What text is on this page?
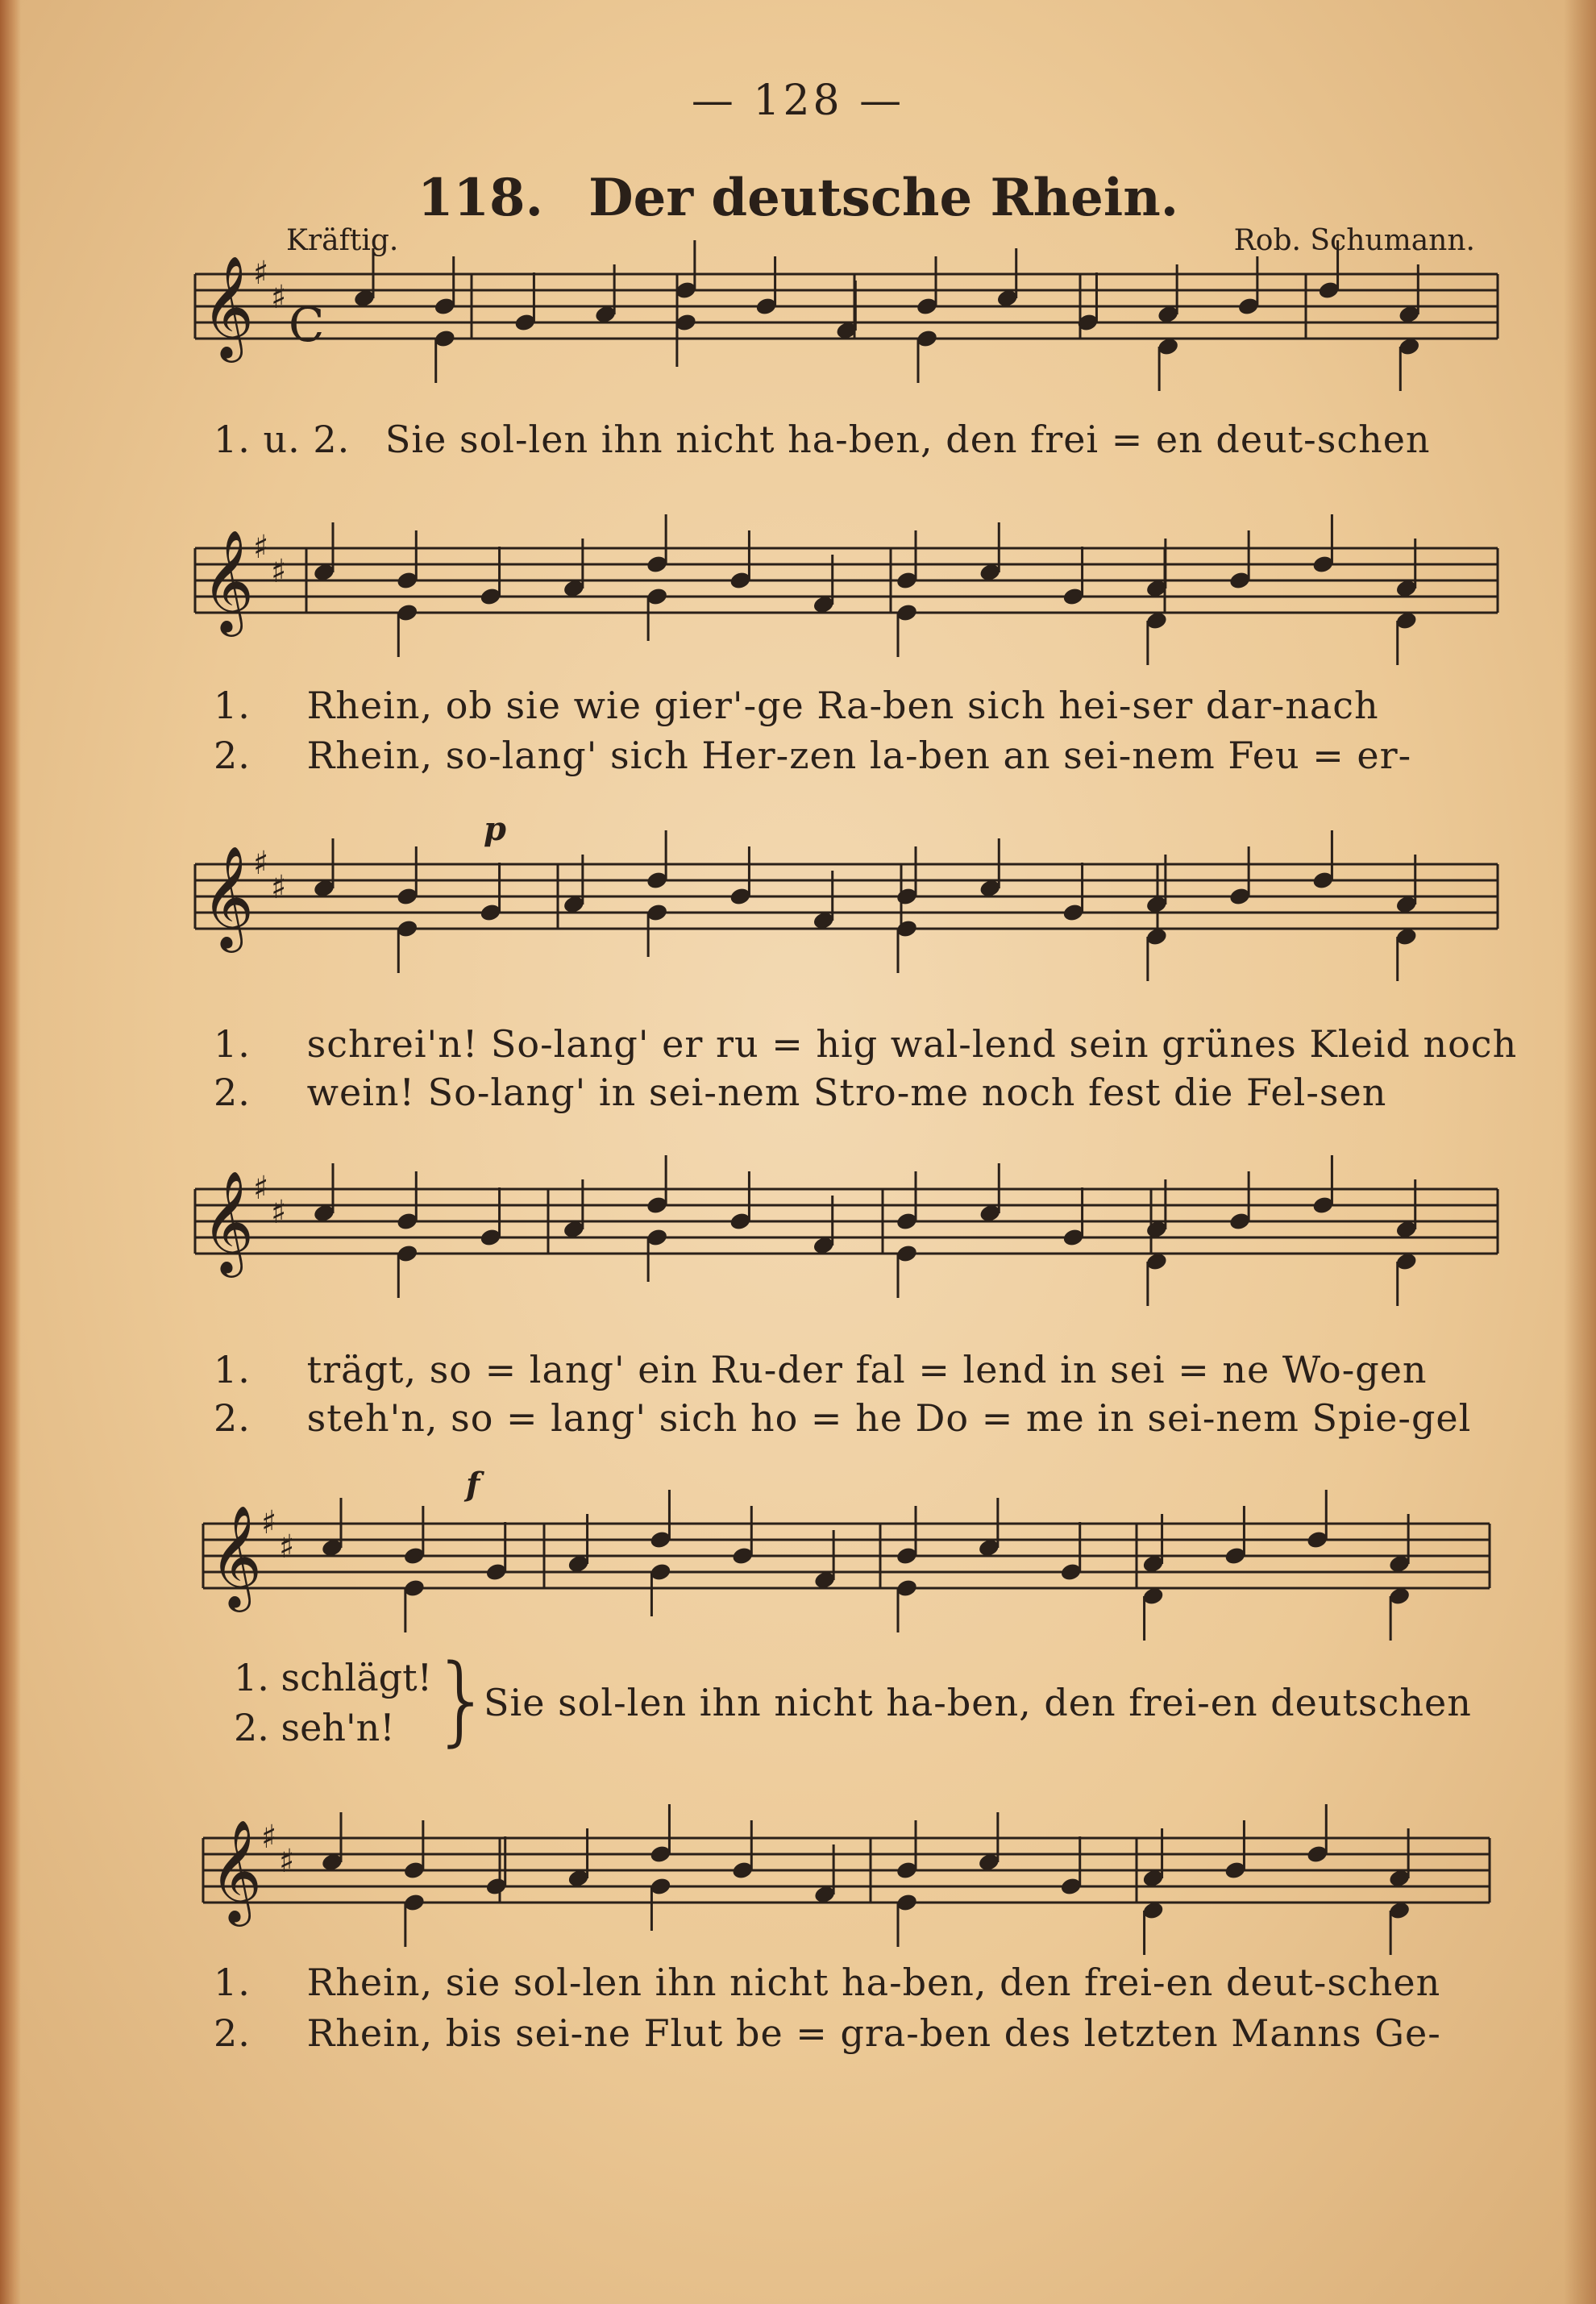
— 128 —
118. Der deutsche Rhein.
Kräftig.	Rob. Schumann.
𝄞
♯
♯
𝄞
♯
♯
𝄞
♯
♯
𝄞
♯
♯
𝄞
♯
♯
𝄞
♯
♯
C
p
f
1. u. 2. Sie sol-len ihn nicht ha-ben, den frei = en deut-schen
1. Rhein, ob sie wie gier'-ge Ra-ben sich hei-ser dar-nach
2. Rhein, so-lang' sich Her-zen la-ben an sei-nem Feu = er-
1. schrei'n! So-lang' er ru = hig wal-lend sein grünes Kleid noch
2. wein! So-lang' in sei-nem Stro-me noch fest die Fel-sen
1. trägt, so = lang' ein Ru-der fal = lend in sei = ne Wo-gen
2. steh'n, so = lang' sich ho = he Do = me in sei-nem Spie-gel
1. schlägt!
2. seh'n! }
Sie sol-len ihn nicht ha-ben, den frei-en deutschen
1. Rhein, sie sol-len ihn nicht ha-ben, den frei-en deut-schen
2. Rhein, bis sei-ne Flut be = gra-ben des letzten Manns Ge-
